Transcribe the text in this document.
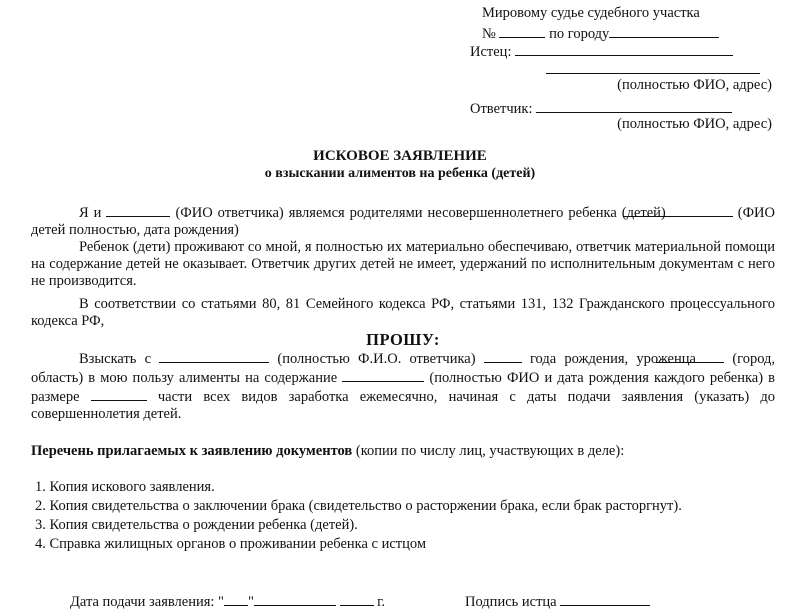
Мировому судье судебного участка
№	по городу
Истец:
(полностью ФИО, адрес)
Ответчик:
(полностью ФИО, адрес)
ИСКОВОЕ ЗАЯВЛЕНИЕ
о взыскании алиментов на ребенка (детей)

Я и	(ФИО ответчика) являемся родителями несовершеннолетнего ребенка (детей)	(ФИО детей полностью, дата рождения)

Ребенок (дети) проживают со мной, я полностью их материально обеспечиваю, ответчик материальной помощи на содержание детей не оказывает. Ответчик других детей не имеет, удержаний по исполнительным документам с него не производится.

В соответствии со статьями 80, 81 Семейного кодекса РФ, статьями 131, 132 Гражданского процессуального кодекса РФ,

ПРОШУ:

Взыскать с	(полностью Ф.И.О. ответчика)	года рождения, уроженца	(город, область) в мою пользу алименты на содержание	(полностью ФИО и дата рождения каждого ребенка) в размере	части всех видов заработка ежемесячно, начиная с даты подачи заявления (указать) до совершеннолетия детей.

Перечень прилагаемых к заявлению документов (копии по числу лиц, участвующих в деле):
1. Копия искового заявления.
2. Копия свидетельства о заключении брака (свидетельство о расторжении брака, если брак расторгнут).
3. Копия свидетельства о рождении ребенка (детей).
4. Справка жилищных органов о проживании ребенка с истцом
Дата подачи заявления: " "	г.	Подпись истца
